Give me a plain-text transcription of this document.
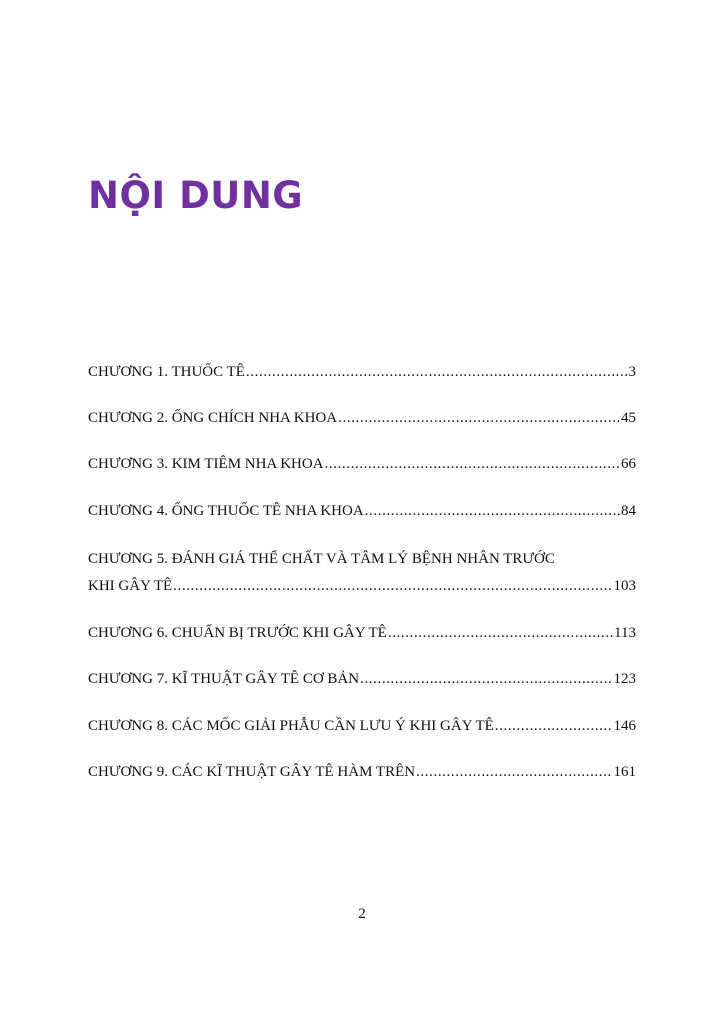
NỘI DUNG
CHƯƠNG 1. THUỐC TÊ .....	3
CHƯƠNG 2. ỐNG CHÍCH NHA KHOA .....	45
CHƯƠNG 3. KIM TIÊM NHA KHOA .....	66
CHƯƠNG 4. ỐNG THUỐC TÊ NHA KHOA .....	84
CHƯƠNG 5. ĐÁNH GIÁ THỂ CHẤT VÀ TÂM LÝ BỆNH NHÂN TRƯỚC
KHI GÂY TÊ .....	103
CHƯƠNG 6. CHUẨN BỊ TRƯỚC KHI GÂY TÊ .....	113
CHƯƠNG 7. KĨ THUẬT GÂY TÊ CƠ BẢN .....	123
CHƯƠNG 8. CÁC MỐC GIẢI PHẪU CẦN LƯU Ý KHI GÂY TÊ .....	146
CHƯƠNG 9. CÁC KĨ THUẬT GÂY TÊ HÀM TRÊN .....	161
2
